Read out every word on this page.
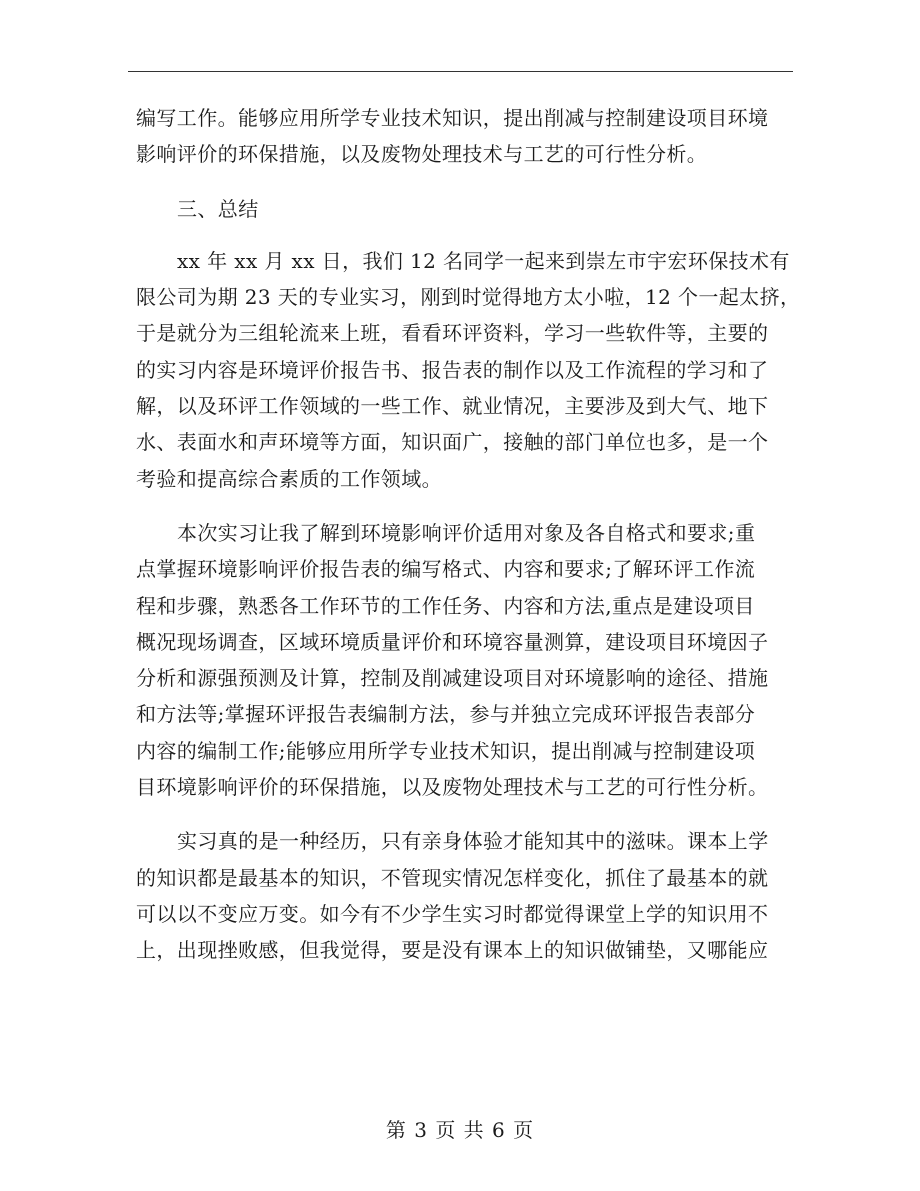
编写工作。能够应用所学专业技术知识，提出削减与控制建设项目环境
影响评价的环保措施，以及废物处理技术与工艺的可行性分析。
三、总结
xx 年 xx 月 xx 日，我们 12 名同学一起来到崇左市宇宏环保技术有
限公司为期 23 天的专业实习，刚到时觉得地方太小啦，12 个一起太挤，
于是就分为三组轮流来上班，看看环评资料，学习一些软件等，主要的
的实习内容是环境评价报告书、报告表的制作以及工作流程的学习和了
解，以及环评工作领域的一些工作、就业情况，主要涉及到大气、地下
水、表面水和声环境等方面，知识面广，接触的部门单位也多，是一个
考验和提高综合素质的工作领域。
本次实习让我了解到环境影响评价适用对象及各自格式和要求;重
点掌握环境影响评价报告表的编写格式、内容和要求;了解环评工作流
程和步骤，熟悉各工作环节的工作任务、内容和方法,重点是建设项目
概况现场调查，区域环境质量评价和环境容量测算，建设项目环境因子
分析和源强预测及计算，控制及削减建设项目对环境影响的途径、措施
和方法等;掌握环评报告表编制方法，参与并独立完成环评报告表部分
内容的编制工作;能够应用所学专业技术知识，提出削减与控制建设项
目环境影响评价的环保措施，以及废物处理技术与工艺的可行性分析。
实习真的是一种经历，只有亲身体验才能知其中的滋味。课本上学
的知识都是最基本的知识，不管现实情况怎样变化，抓住了最基本的就
可以以不变应万变。如今有不少学生实习时都觉得课堂上学的知识用不
上，出现挫败感，但我觉得，要是没有课本上的知识做铺垫，又哪能应
第 3 页 共 6 页
